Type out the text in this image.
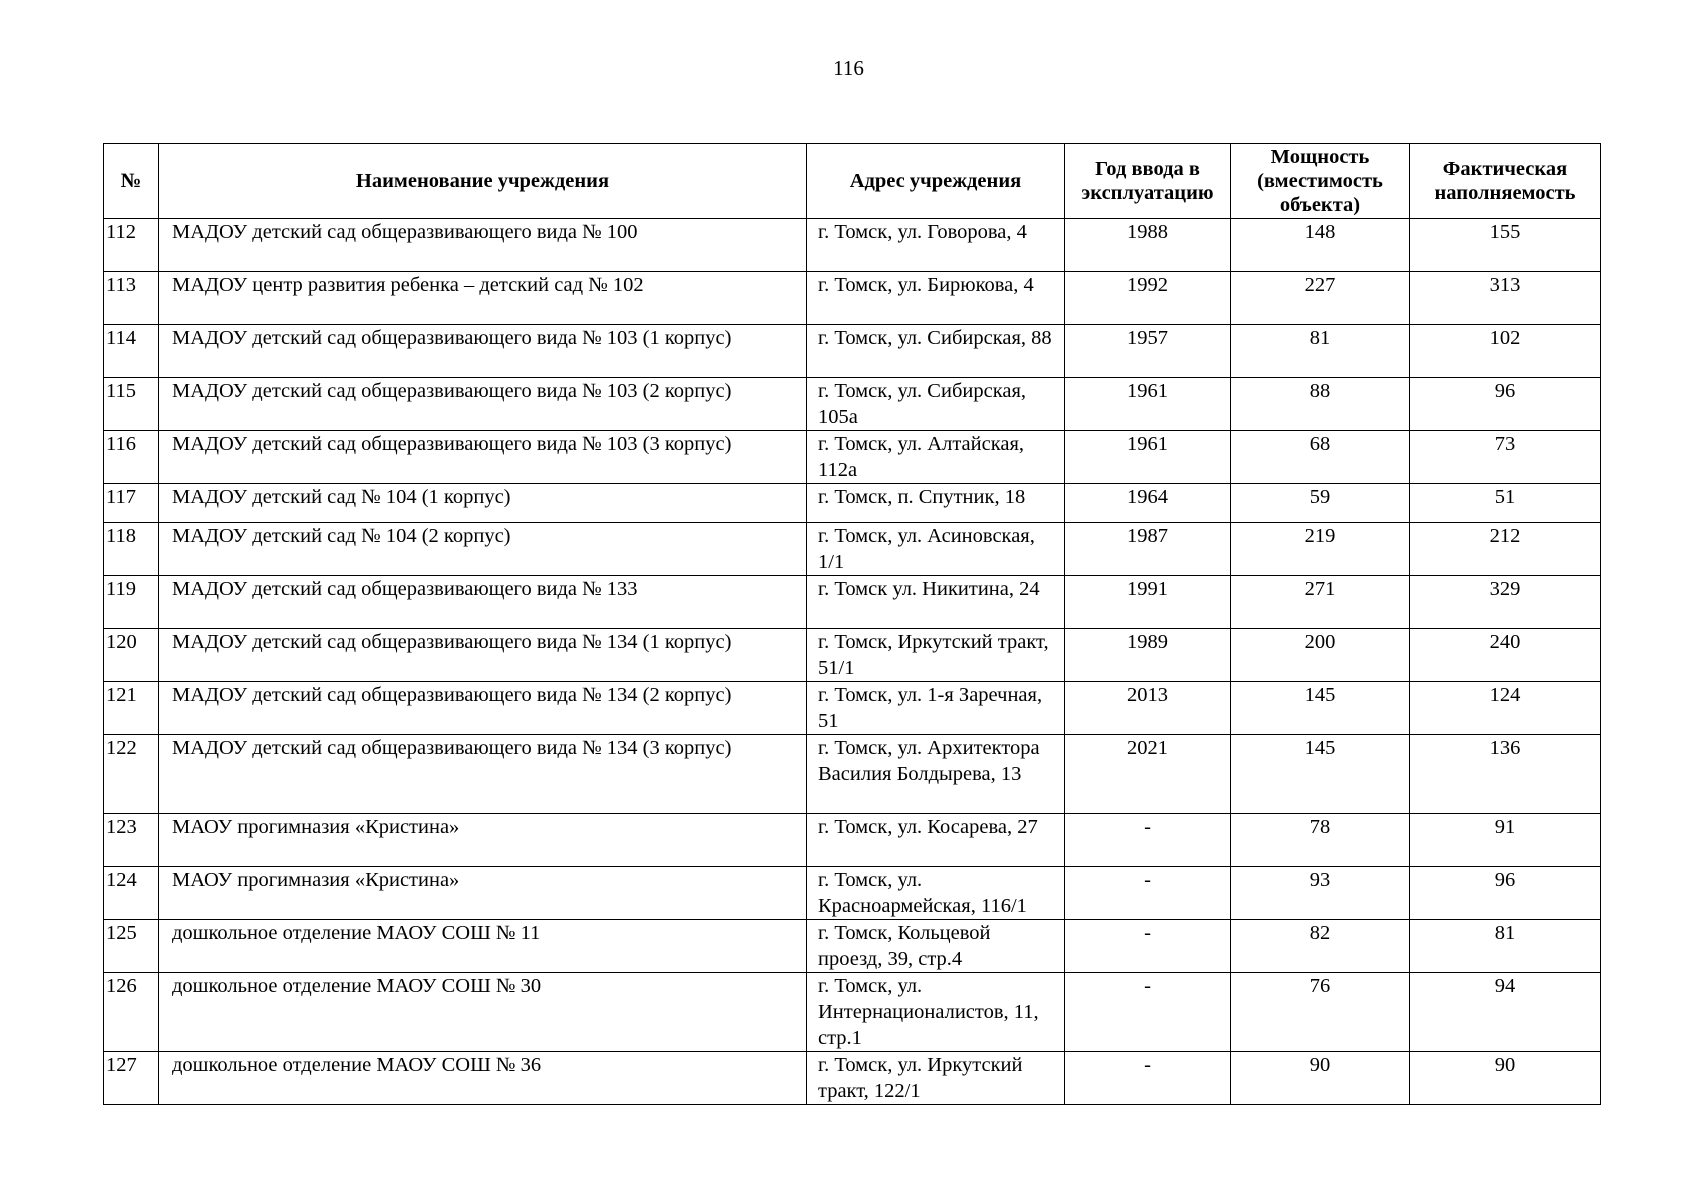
116
№	Наименование учреждения	Адрес учреждения	Год ввода в эксплуатацию	Мощность (вместимость объекта)	Фактическая наполняемость
112	МАДОУ детский сад общеразвивающего вида № 100	г. Томск, ул. Говорова, 4	1988	148	155
113	МАДОУ центр развития ребенка – детский сад № 102	г. Томск, ул. Бирюкова, 4	1992	227	313
114	МАДОУ детский сад общеразвивающего вида № 103 (1 корпус)	г. Томск, ул. Сибирская, 88	1957	81	102
115	МАДОУ детский сад общеразвивающего вида № 103 (2 корпус)	г. Томск, ул. Сибирская, 105а	1961	88	96
116	МАДОУ детский сад общеразвивающего вида № 103 (3 корпус)	г. Томск, ул. Алтайская, 112а	1961	68	73
117	МАДОУ детский сад № 104 (1 корпус)	г. Томск, п. Спутник, 18	1964	59	51
118	МАДОУ детский сад № 104 (2 корпус)	г. Томск, ул. Асиновская, 1/1	1987	219	212
119	МАДОУ детский сад общеразвивающего вида № 133	г. Томск ул. Никитина, 24	1991	271	329
120	МАДОУ детский сад общеразвивающего вида № 134 (1 корпус)	г. Томск, Иркутский тракт, 51/1	1989	200	240
121	МАДОУ детский сад общеразвивающего вида № 134 (2 корпус)	г. Томск, ул. 1-я Заречная, 51	2013	145	124
122	МАДОУ детский сад общеразвивающего вида № 134 (3 корпус)	г. Томск, ул. Архитектора Василия Болдырева, 13	2021	145	136
123	МАОУ прогимназия «Кристина»	г. Томск, ул. Косарева, 27	-	78	91
124	МАОУ прогимназия «Кристина»	г. Томск, ул. Красноармейская, 116/1	-	93	96
125	дошкольное отделение МАОУ СОШ № 11	г. Томск, Кольцевой проезд, 39, стр.4	-	82	81
126	дошкольное отделение МАОУ СОШ № 30	г. Томск, ул. Интернационалистов, 11, стр.1	-	76	94
127	дошкольное отделение МАОУ СОШ № 36	г. Томск, ул. Иркутский тракт, 122/1	-	90	90
